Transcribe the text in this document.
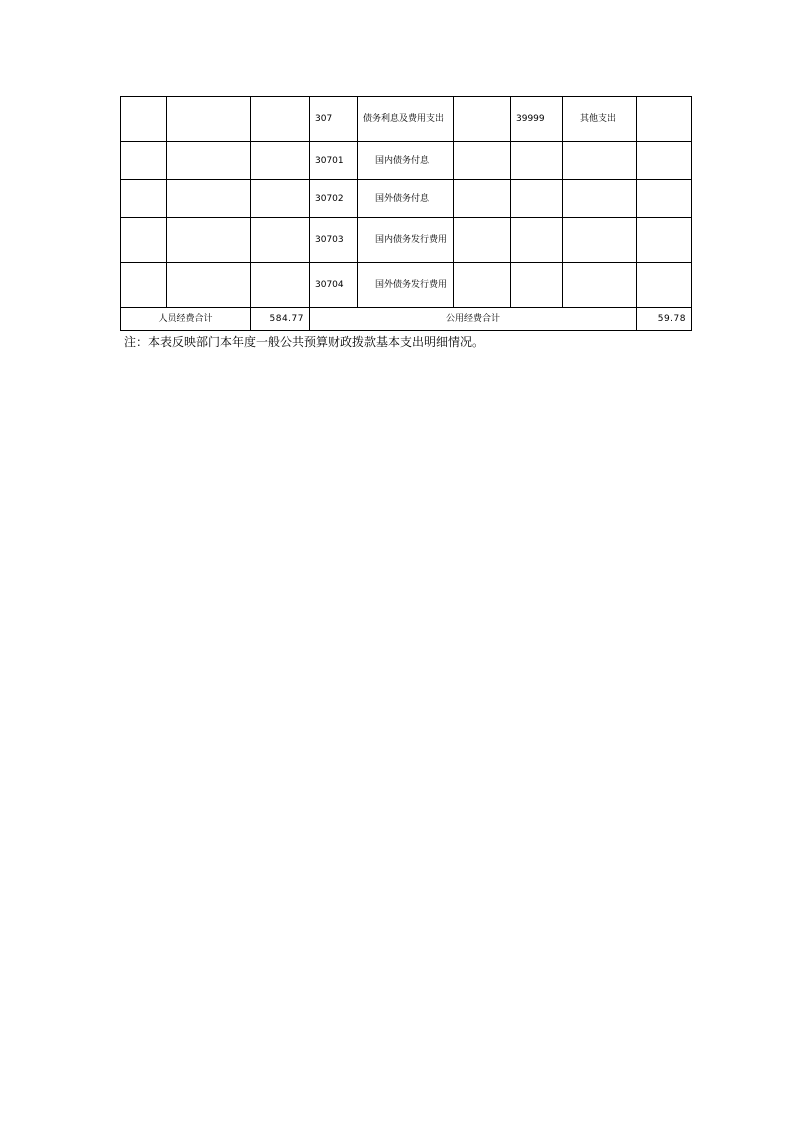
			307	债务利息及费用支出		39999	其他支出	
			30701	国内债务付息				
			30702	国外债务付息				
			30703	国内债务发行费用				
			30704	国外债务发行费用				
人员经费合计		584.77	公用经费合计					59.78
注：本表反映部门本年度一般公共预算财政拨款基本支出明细情况。
